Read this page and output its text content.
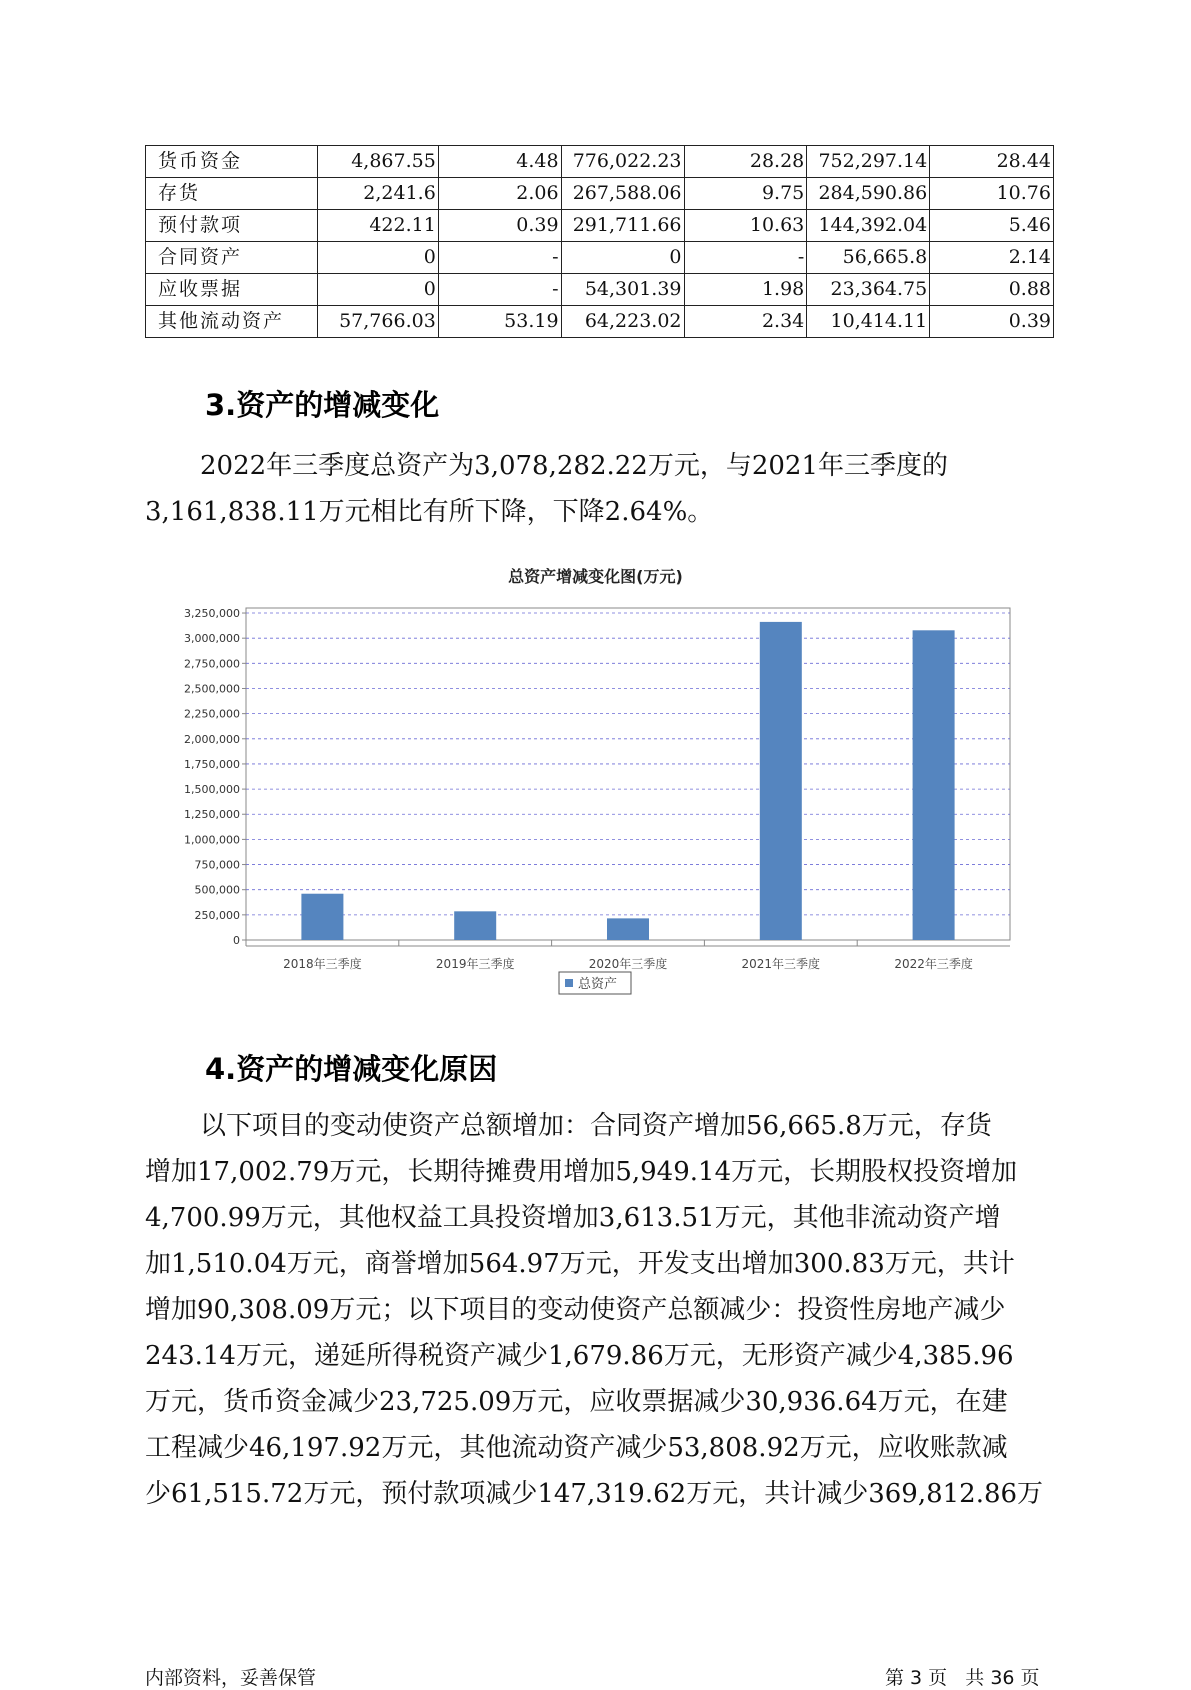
货币资金	4,867.55	4.48	776,022.23	28.28	752,297.14	28.44
存货	2,241.6	2.06	267,588.06	9.75	284,590.86	10.76
预付款项	422.11	0.39	291,711.66	10.63	144,392.04	5.46
合同资产	0	-	0	-	56,665.8	2.14
应收票据	0	-	54,301.39	1.98	23,364.75	0.88
其他流动资产	57,766.03	53.19	64,223.02	2.34	10,414.11	0.39
3.资产的增减变化

2022年三季度总资产为3,078,282.22万元，与2021年三季度的

3,161,838.11万元相比有所下降，下降2.64%。

总资产增减变化图(万元)
0
250,000
500,000
750,000
1,000,000
1,250,000
1,500,000
1,750,000
2,000,000
2,250,000
2,500,000
2,750,000
3,000,000
3,250,000
2018年三季度	2019年三季度	2020年三季度	2021年三季度	2022年三季度
总资产
4.资产的增减变化原因

以下项目的变动使资产总额增加：合同资产增加56,665.8万元，存货

增加17,002.79万元，长期待摊费用增加5,949.14万元，长期股权投资增加

4,700.99万元，其他权益工具投资增加3,613.51万元，其他非流动资产增

加1,510.04万元，商誉增加564.97万元，开发支出增加300.83万元，共计

增加90,308.09万元；以下项目的变动使资产总额减少：投资性房地产减少

243.14万元，递延所得税资产减少1,679.86万元，无形资产减少4,385.96

万元，货币资金减少23,725.09万元，应收票据减少30,936.64万元，在建

工程减少46,197.92万元，其他流动资产减少53,808.92万元，应收账款减

少61,515.72万元，预付款项减少147,319.62万元，共计减少369,812.86万

内部资料，妥善保管	第 3 页   共 36 页
